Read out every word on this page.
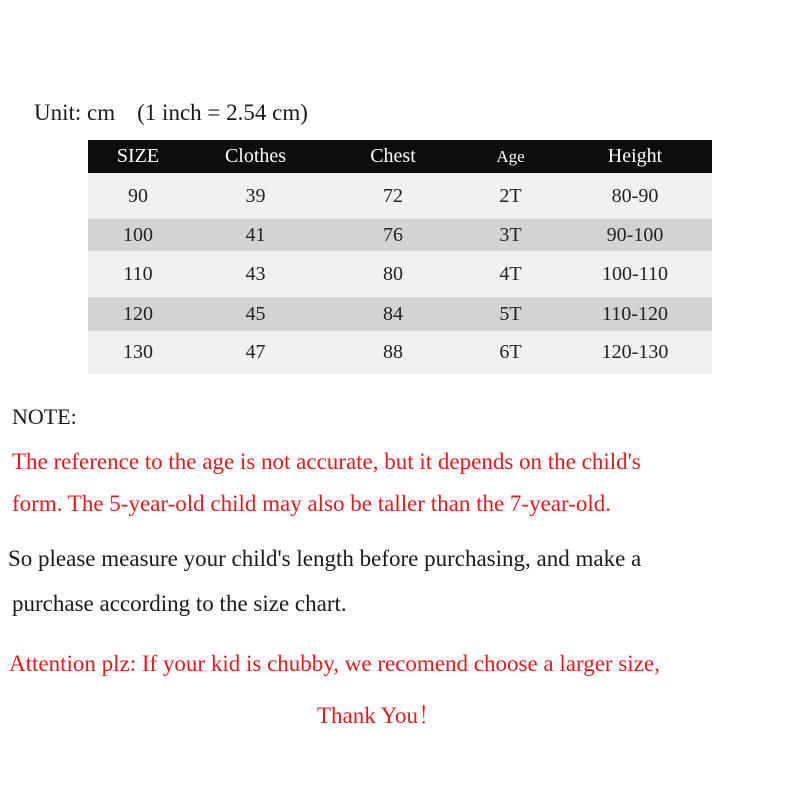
Unit: cm (1 inch = 2.54 cm)
SIZE	Clothes	Chest	Age	Height
90	39	72	2T	80-90
100	41	76	3T	90-100
110	43	80	4T	100-110
120	45	84	5T	110-120
130	47	88	6T	120-130
NOTE:
The reference to the age is not accurate, but it depends on the child's
form. The 5-year-old child may also be taller than the 7-year-old.
So please measure your child's length before purchasing, and make a
purchase according to the size chart.
Attention plz: If your kid is chubby, we recomend choose a larger size,
Thank You！
